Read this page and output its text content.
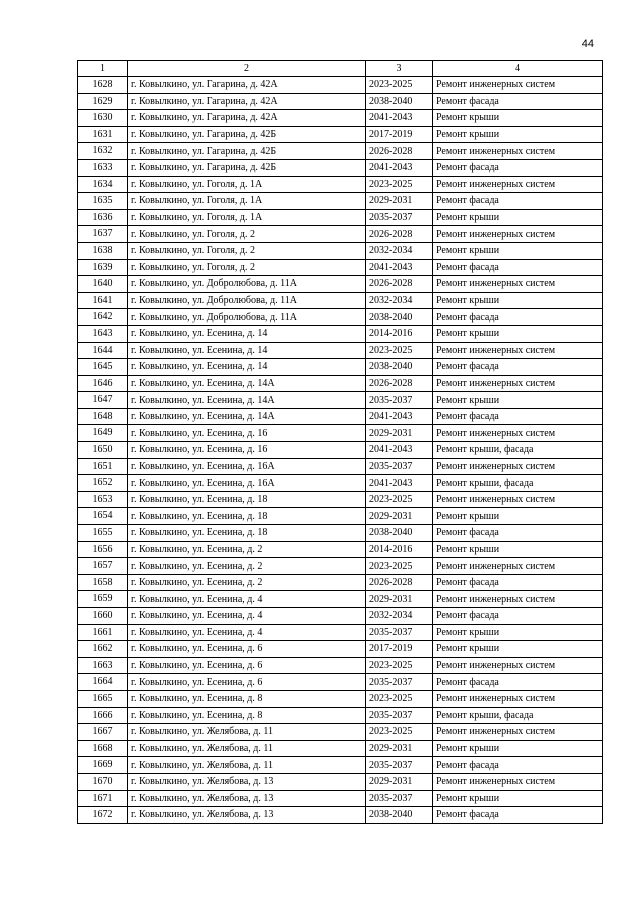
44
1	2	3	4
1628	г. Ковылкино, ул. Гагарина, д. 42А	2023-2025	Ремонт инженерных систем
1629	г. Ковылкино, ул. Гагарина, д. 42А	2038-2040	Ремонт фасада
1630	г. Ковылкино, ул. Гагарина, д. 42А	2041-2043	Ремонт крыши
1631	г. Ковылкино, ул. Гагарина, д. 42Б	2017-2019	Ремонт крыши
1632	г. Ковылкино, ул. Гагарина, д. 42Б	2026-2028	Ремонт инженерных систем
1633	г. Ковылкино, ул. Гагарина, д. 42Б	2041-2043	Ремонт фасада
1634	г. Ковылкино, ул. Гоголя, д. 1А	2023-2025	Ремонт инженерных систем
1635	г. Ковылкино, ул. Гоголя, д. 1А	2029-2031	Ремонт фасада
1636	г. Ковылкино, ул. Гоголя, д. 1А	2035-2037	Ремонт крыши
1637	г. Ковылкино, ул. Гоголя, д. 2	2026-2028	Ремонт инженерных систем
1638	г. Ковылкино, ул. Гоголя, д. 2	2032-2034	Ремонт крыши
1639	г. Ковылкино, ул. Гоголя, д. 2	2041-2043	Ремонт фасада
1640	г. Ковылкино, ул. Добролюбова, д. 11А	2026-2028	Ремонт инженерных систем
1641	г. Ковылкино, ул. Добролюбова, д. 11А	2032-2034	Ремонт крыши
1642	г. Ковылкино, ул. Добролюбова, д. 11А	2038-2040	Ремонт фасада
1643	г. Ковылкино, ул. Есенина, д. 14	2014-2016	Ремонт крыши
1644	г. Ковылкино, ул. Есенина, д. 14	2023-2025	Ремонт инженерных систем
1645	г. Ковылкино, ул. Есенина, д. 14	2038-2040	Ремонт фасада
1646	г. Ковылкино, ул. Есенина, д. 14А	2026-2028	Ремонт инженерных систем
1647	г. Ковылкино, ул. Есенина, д. 14А	2035-2037	Ремонт крыши
1648	г. Ковылкино, ул. Есенина, д. 14А	2041-2043	Ремонт фасада
1649	г. Ковылкино, ул. Есенина, д. 16	2029-2031	Ремонт инженерных систем
1650	г. Ковылкино, ул. Есенина, д. 16	2041-2043	Ремонт крыши, фасада
1651	г. Ковылкино, ул. Есенина, д. 16А	2035-2037	Ремонт инженерных систем
1652	г. Ковылкино, ул. Есенина, д. 16А	2041-2043	Ремонт крыши, фасада
1653	г. Ковылкино, ул. Есенина, д. 18	2023-2025	Ремонт инженерных систем
1654	г. Ковылкино, ул. Есенина, д. 18	2029-2031	Ремонт крыши
1655	г. Ковылкино, ул. Есенина, д. 18	2038-2040	Ремонт фасада
1656	г. Ковылкино, ул. Есенина, д. 2	2014-2016	Ремонт крыши
1657	г. Ковылкино, ул. Есенина, д. 2	2023-2025	Ремонт инженерных систем
1658	г. Ковылкино, ул. Есенина, д. 2	2026-2028	Ремонт фасада
1659	г. Ковылкино, ул. Есенина, д. 4	2029-2031	Ремонт инженерных систем
1660	г. Ковылкино, ул. Есенина, д. 4	2032-2034	Ремонт фасада
1661	г. Ковылкино, ул. Есенина, д. 4	2035-2037	Ремонт крыши
1662	г. Ковылкино, ул. Есенина, д. 6	2017-2019	Ремонт крыши
1663	г. Ковылкино, ул. Есенина, д. 6	2023-2025	Ремонт инженерных систем
1664	г. Ковылкино, ул. Есенина, д. 6	2035-2037	Ремонт фасада
1665	г. Ковылкино, ул. Есенина, д. 8	2023-2025	Ремонт инженерных систем
1666	г. Ковылкино, ул. Есенина, д. 8	2035-2037	Ремонт крыши, фасада
1667	г. Ковылкино, ул. Желябова, д. 11	2023-2025	Ремонт инженерных систем
1668	г. Ковылкино, ул. Желябова, д. 11	2029-2031	Ремонт крыши
1669	г. Ковылкино, ул. Желябова, д. 11	2035-2037	Ремонт фасада
1670	г. Ковылкино, ул. Желябова, д. 13	2029-2031	Ремонт инженерных систем
1671	г. Ковылкино, ул. Желябова, д. 13	2035-2037	Ремонт крыши
1672	г. Ковылкино, ул. Желябова, д. 13	2038-2040	Ремонт фасада
